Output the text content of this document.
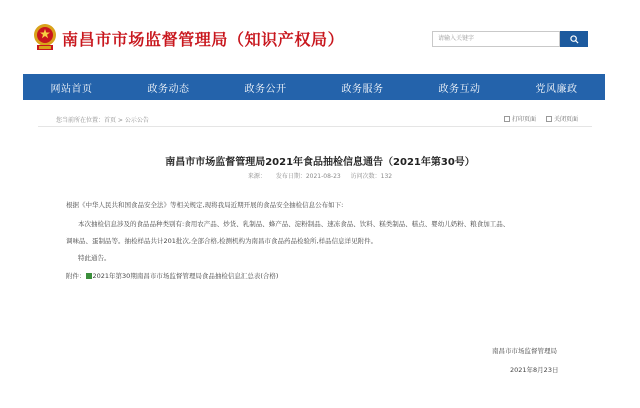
南昌市市场监督管理局（知识产权局）	请输入关键字
网站首页	政务动态	政务公开	政务服务	政务互动	党风廉政
您当前所在位置：首页 > 公示公告	打印页面	关闭页面
南昌市市场监督管理局2021年食品抽检信息通告（2021年第30号）
来源： 发布日期：2021-08-23 访问次数：132
根据《中华人民共和国食品安全法》等相关规定,现将我局近期开展的食品安全抽检信息公布如下:
本次抽检信息涉及的食品品种类别有:食用农产品、炒货、乳制品、蜂产品、淀粉制品、速冻食品、饮料、糕类制品、糕点、婴幼儿奶粉、粮食加工品、
调味品、蛋制品等。抽检样品共计201批次,全部合格,检测机构为南昌市食品药品检验所,样品信息详见附件。
特此通告。
附件： 2021年第30期南昌市市场监督管理局食品抽检信息汇总表(合格)
南昌市市场监督管理局
2021年8月23日
